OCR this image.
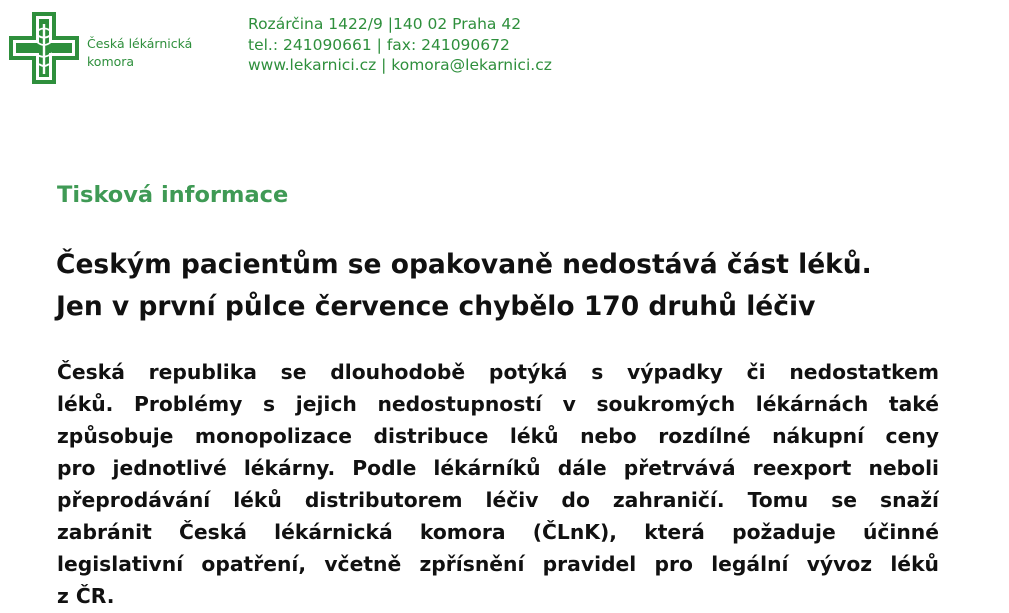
Česká lékárnická
komora
Rozárčina 1422/9 |140 02 Praha 42
tel.: 241090661 | fax: 241090672
www.lekarnici.cz | komora@lekarnici.cz
Tisková informace
Českým pacientům se opakovaně nedostává část léků.
Jen v první půlce července chybělo 170 druhů léčiv
Česká republika se dlouhodobě potýká s výpadky či nedostatkem
léků. Problémy s jejich nedostupností v soukromých lékárnách také
způsobuje monopolizace distribuce léků nebo rozdílné nákupní ceny
pro jednotlivé lékárny. Podle lékárníků dále přetrvává reexport neboli
přeprodávání léků distributorem léčiv do zahraničí. Tomu se snaží
zabránit Česká lékárnická komora (ČLnK), která požaduje účinné
legislativní opatření, včetně zpřísnění pravidel pro legální vývoz léků
z ČR.
